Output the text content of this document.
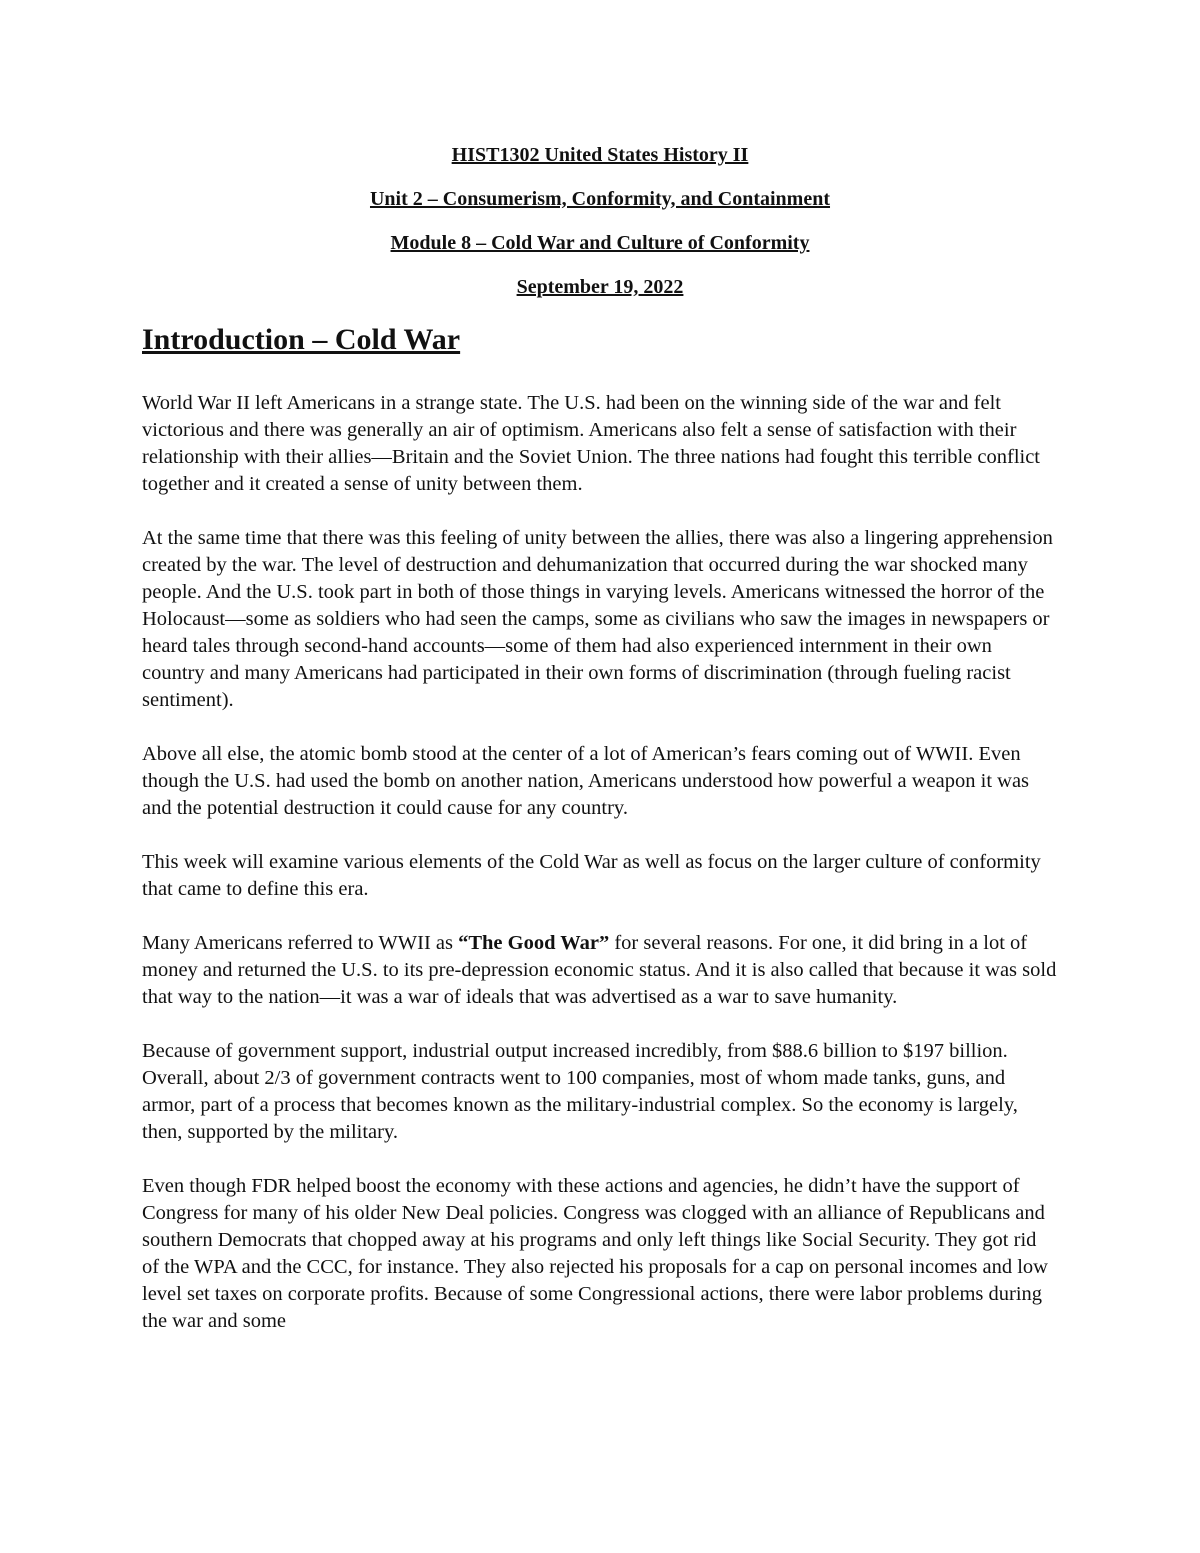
HIST1302 United States History II
Unit 2 – Consumerism, Conformity, and Containment
Module 8 – Cold War and Culture of Conformity
September 19, 2022
Introduction – Cold War

World War II left Americans in a strange state. The U.S. had been on the winning side of the war and felt victorious and there was generally an air of optimism. Americans also felt a sense of satisfaction with their relationship with their allies—Britain and the Soviet Union. The three nations had fought this terrible conflict together and it created a sense of unity between them.

At the same time that there was this feeling of unity between the allies, there was also a lingering apprehension created by the war. The level of destruction and dehumanization that occurred during the war shocked many people. And the U.S. took part in both of those things in varying levels. Americans witnessed the horror of the Holocaust—some as soldiers who had seen the camps, some as civilians who saw the images in newspapers or heard tales through second-hand accounts—some of them had also experienced internment in their own country and many Americans had participated in their own forms of discrimination (through fueling racist sentiment).

Above all else, the atomic bomb stood at the center of a lot of American’s fears coming out of WWII. Even though the U.S. had used the bomb on another nation, Americans understood how powerful a weapon it was and the potential destruction it could cause for any country.

This week will examine various elements of the Cold War as well as focus on the larger culture of conformity that came to define this era.

Many Americans referred to WWII as “The Good War” for several reasons. For one, it did bring in a lot of money and returned the U.S. to its pre-depression economic status. And it is also called that because it was sold that way to the nation—it was a war of ideals that was advertised as a war to save humanity.

Because of government support, industrial output increased incredibly, from $88.6 billion to $197 billion. Overall, about 2/3 of government contracts went to 100 companies, most of whom made tanks, guns, and armor, part of a process that becomes known as the military-industrial complex. So the economy is largely, then, supported by the military.

Even though FDR helped boost the economy with these actions and agencies, he didn’t have the support of Congress for many of his older New Deal policies. Congress was clogged with an alliance of Republicans and southern Democrats that chopped away at his programs and only left things like Social Security. They got rid of the WPA and the CCC, for instance. They also rejected his proposals for a cap on personal incomes and low level set taxes on corporate profits. Because of some Congressional actions, there were labor problems during the war and some
